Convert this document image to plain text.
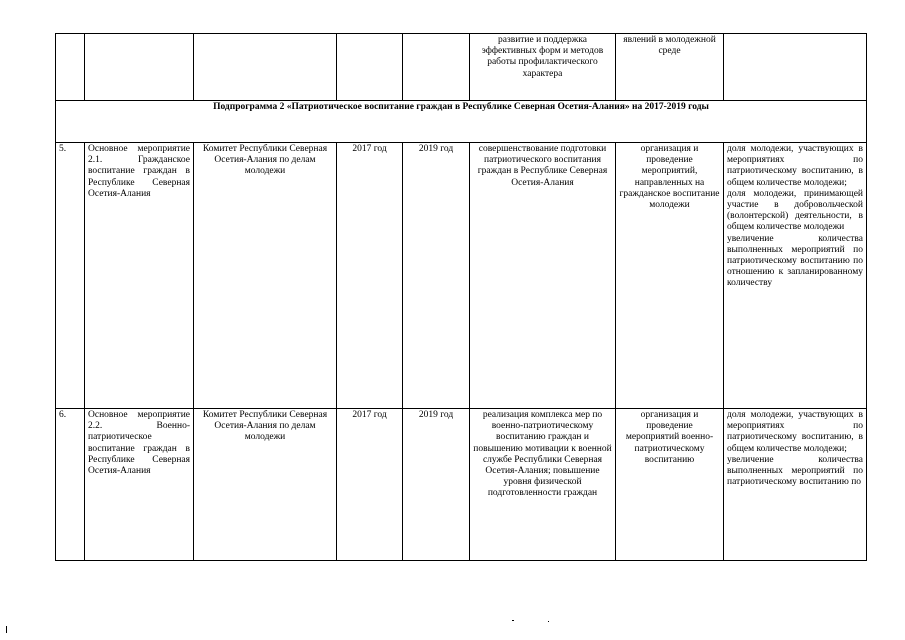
					развитие и поддержка эффективных форм и методов работы профилактического характера	явлений в молодежной среде	
Подпрограмма 2 «Патриотическое воспитание граждан в Республике Северная Осетия-Алания» на 2017-2019 годы							
5.	Основное мероприятие 2.1. Гражданское воспитание граждан в Республике Северная Осетия-Алания	Комитет Республики Северная Осетия-Алания по делам молодежи	2017 год	2019 год	совершенствование подготовки патриотического воспитания граждан в Республике Северная Осетия-Алания	организация и проведение мероприятий, направленных на гражданское воспитание молодежи	доля молодежи, участвующих в мероприятиях по патриотическому воспитанию, в общем количестве молодежи;
доля молодежи, принимающей участие в добровольческой (волонтерской) деятельности, в общем количестве молодежи
увеличение количества выполненных мероприятий по патриотическому воспитанию по отношению к запланированному количеству
6.	Основное мероприятие 2.2. Военно-патриотическое воспитание граждан в Республике Северная Осетия-Алания	Комитет Республики Северная Осетия-Алания по делам молодежи	2017 год	2019 год	реализация комплекса мер по военно-патриотическому воспитанию граждан и повышению мотивации к военной службе Республики Северная Осетия-Алания; повышение уровня физической подготовленности граждан	организация и проведение мероприятий военно-патриотическому воспитанию	доля молодежи, участвующих в мероприятиях по патриотическому воспитанию, в общем количестве молодежи;
увеличение количества выполненных мероприятий по патриотическому воспитанию по
